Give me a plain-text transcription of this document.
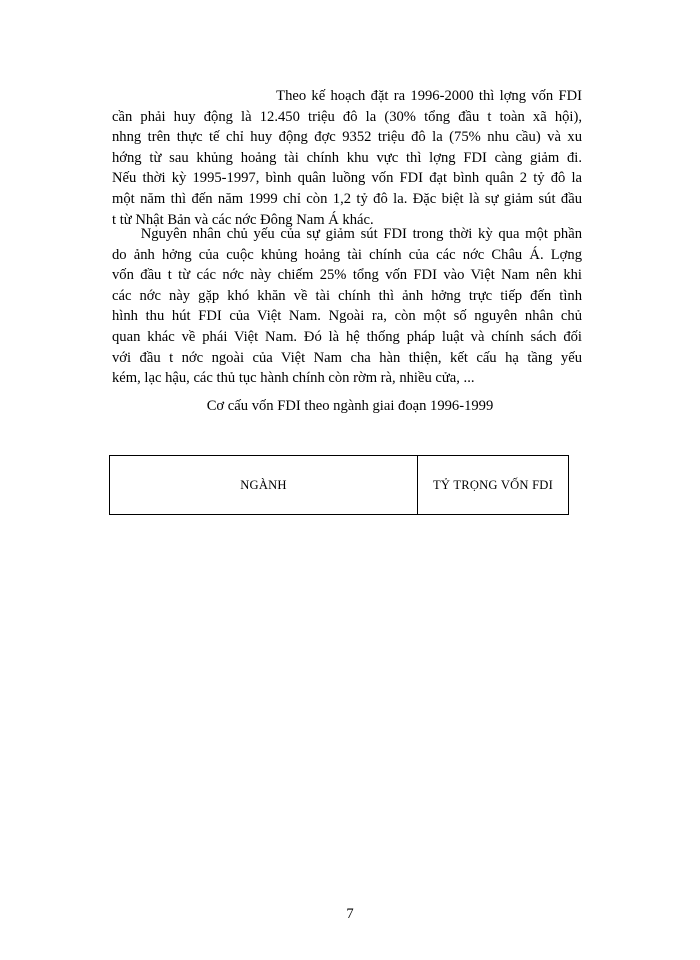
Theo kế hoạch đặt ra 1996-2000 thì lợng vốn FDI
cần phải huy động là 12.450 triệu đô la (30% tổng đầu t toàn xã hội),
nhng trên thực tế chỉ huy động đợc 9352 triệu đô la (75% nhu cầu) và xu
hớng từ sau khủng hoảng tài chính khu vực thì lợng FDI càng giảm đi.
Nếu thời kỳ 1995-1997, bình quân luồng vốn FDI đạt bình quân 2 tỷ đô la
một năm thì đến năm 1999 chỉ còn 1,2 tỷ đô la. Đặc biệt là sự giảm sút đầu
t từ Nhật Bản và các nớc Đông Nam Á khác.
Nguyên nhân chủ yếu của sự giảm sút FDI trong thời kỳ qua một phần
do ảnh hởng của cuộc khủng hoảng tài chính của các nớc Châu Á. Lợng
vốn đầu t từ các nớc này chiếm 25% tổng vốn FDI vào Việt Nam nên khi
các nớc này gặp khó khăn về tài chính thì ảnh hởng trực tiếp đến tình
hình thu hút FDI của Việt Nam. Ngoài ra, còn một số nguyên nhân chủ
quan khác về phái Việt Nam. Đó là hệ thống pháp luật và chính sách đối
với đầu t nớc ngoài của Việt Nam cha hàn thiện, kết cấu hạ tầng yếu
kém, lạc hậu, các thủ tục hành chính còn rờm rà, nhiều cửa, ...
Cơ cấu vốn FDI theo ngành giai đoạn 1996-1999
NGÀNH	TỶ TRỌNG VỐN FDI
7
